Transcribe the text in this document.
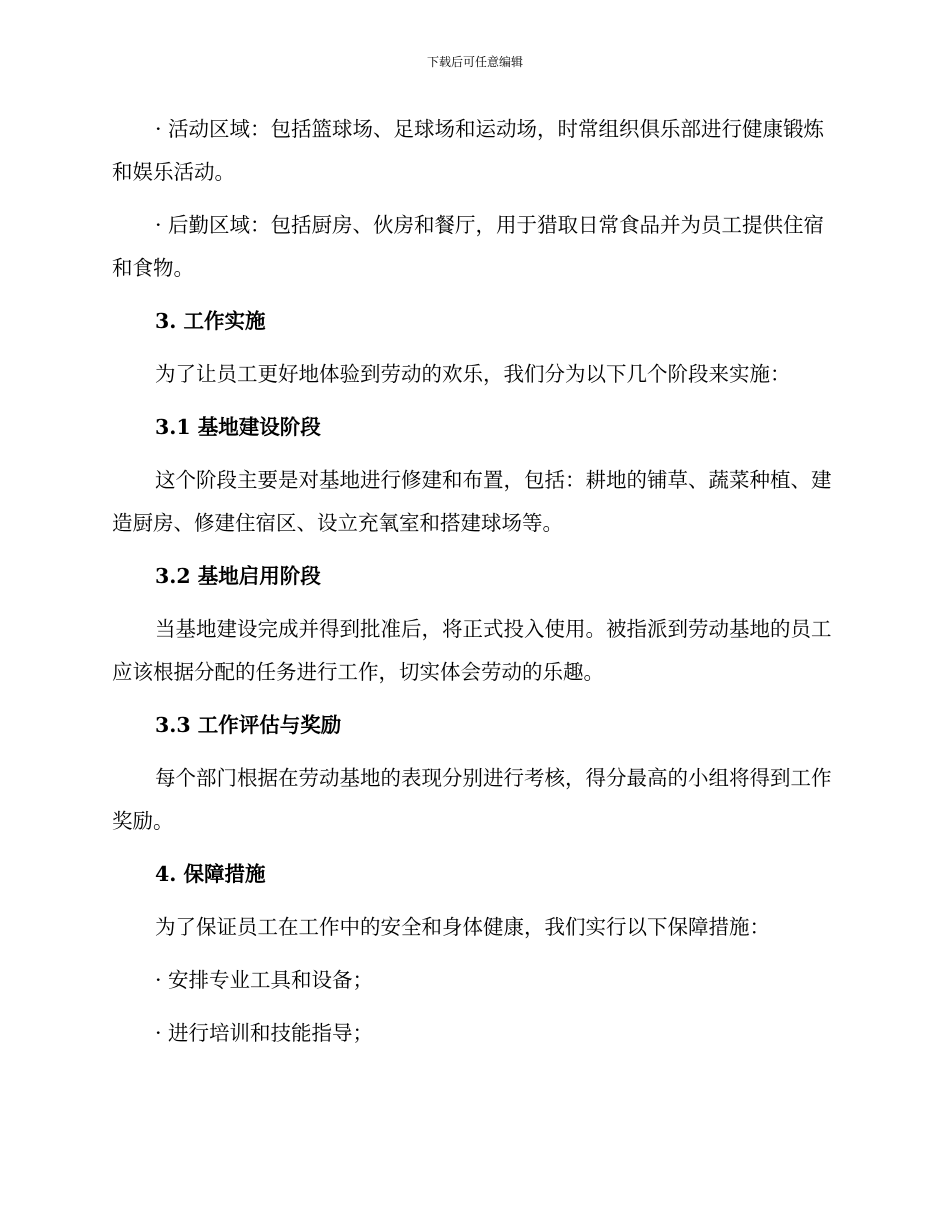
下载后可任意编辑

· 活动区域：包括篮球场、足球场和运动场，时常组织俱乐部进行健康锻炼和娱乐活动。

· 后勤区域：包括厨房、伙房和餐厅，用于猎取日常食品并为员工提供住宿和食物。

3. 工作实施

为了让员工更好地体验到劳动的欢乐，我们分为以下几个阶段来实施：

3.1 基地建设阶段

这个阶段主要是对基地进行修建和布置，包括：耕地的铺草、蔬菜种植、建造厨房、修建住宿区、设立充氧室和搭建球场等。

3.2 基地启用阶段

当基地建设完成并得到批准后，将正式投入使用。被指派到劳动基地的员工应该根据分配的任务进行工作，切实体会劳动的乐趣。

3.3 工作评估与奖励

每个部门根据在劳动基地的表现分别进行考核，得分最高的小组将得到工作奖励。

4. 保障措施

为了保证员工在工作中的安全和身体健康，我们实行以下保障措施：

· 安排专业工具和设备；

· 进行培训和技能指导；
